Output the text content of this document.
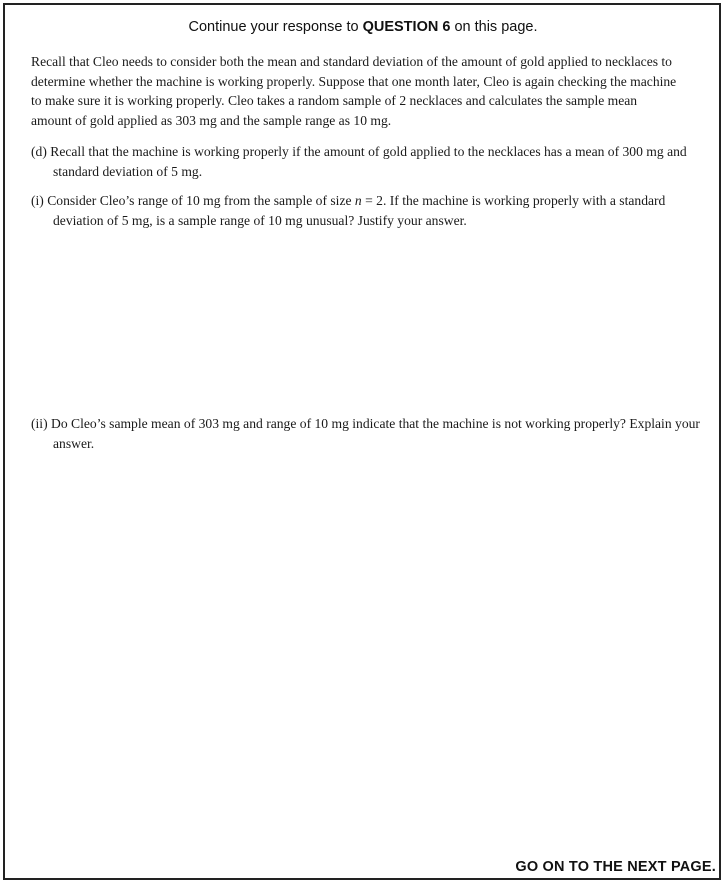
Continue your response to QUESTION 6 on this page.

Recall that Cleo needs to consider both the mean and standard deviation of the amount of gold applied to necklaces to determine whether the machine is working properly. Suppose that one month later, Cleo is again checking the machine to make sure it is working properly. Cleo takes a random sample of 2 necklaces and calculates the sample mean amount of gold applied as 303 mg and the sample range as 10 mg.

(d) Recall that the machine is working properly if the amount of gold applied to the necklaces has a mean of 300 mg and standard deviation of 5 mg.

(i) Consider Cleo’s range of 10 mg from the sample of size n = 2. If the machine is working properly with a standard deviation of 5 mg, is a sample range of 10 mg unusual? Justify your answer.

(ii) Do Cleo’s sample mean of 303 mg and range of 10 mg indicate that the machine is not working properly? Explain your answer.

GO ON TO THE NEXT PAGE.
